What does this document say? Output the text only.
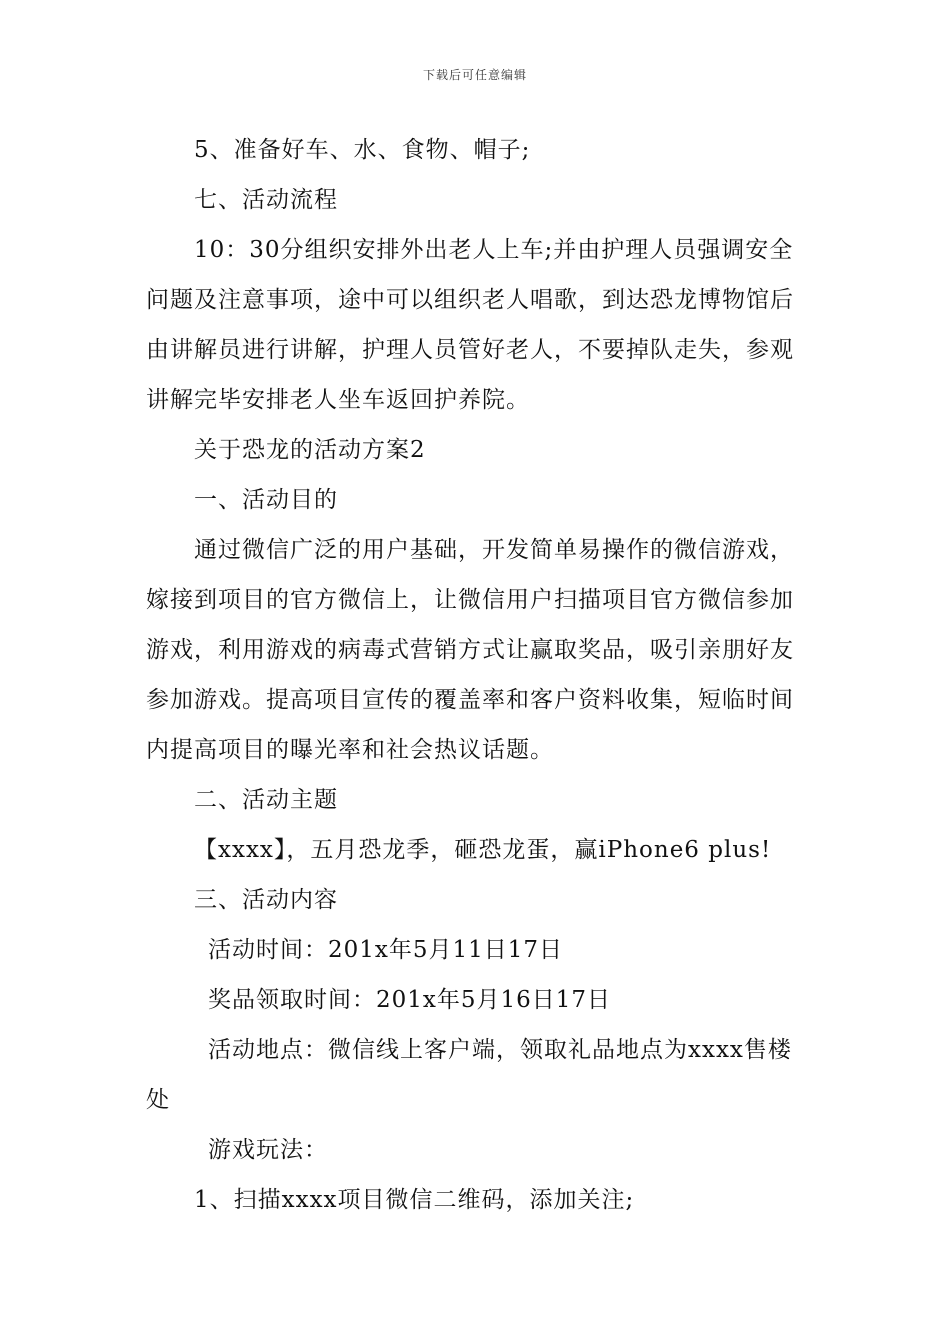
下载后可任意编辑

5、准备好车、水、食物、帽子;

七、活动流程

10：30分组织安排外出老人上车;并由护理人员强调安全问题及注意事项，途中可以组织老人唱歌，到达恐龙博物馆后由讲解员进行讲解，护理人员管好老人，不要掉队走失，参观讲解完毕安排老人坐车返回护养院。

关于恐龙的活动方案2

一、活动目的

通过微信广泛的用户基础，开发简单易操作的微信游戏，嫁接到项目的官方微信上，让微信用户扫描项目官方微信参加游戏，利用游戏的病毒式营销方式让赢取奖品，吸引亲朋好友参加游戏。提高项目宣传的覆盖率和客户资料收集，短临时间内提高项目的曝光率和社会热议话题。

二、活动主题

【xxxx】，五月恐龙季，砸恐龙蛋，赢iPhone6 plus!

三、活动内容

活动时间：201x年5月11日17日

奖品领取时间：201x年5月16日17日

活动地点：微信线上客户端，领取礼品地点为xxxx售楼处

游戏玩法：

1、扫描xxxx项目微信二维码，添加关注;
